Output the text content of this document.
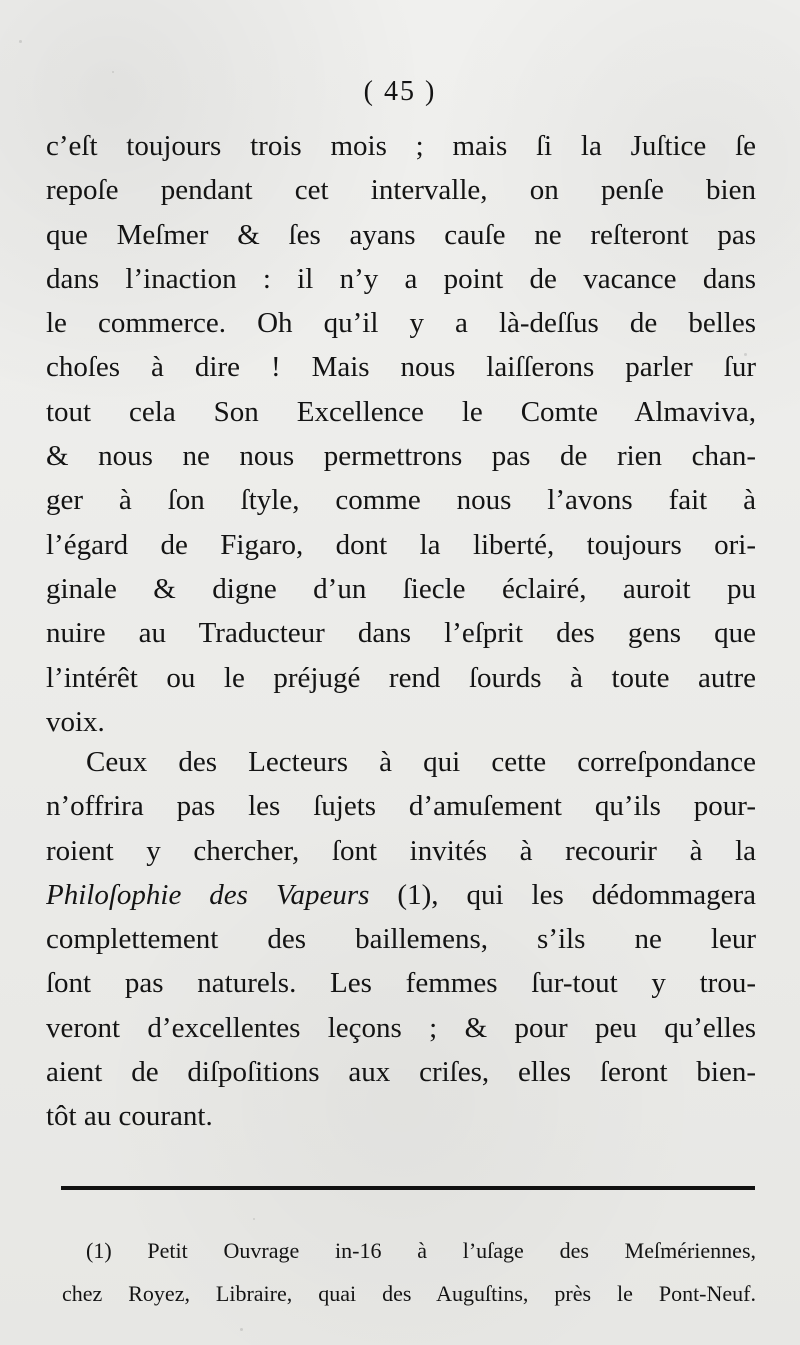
( 45 )
c’eſt toujours trois mois ; mais ſi la Juſtice ſe
repoſe pendant cet intervalle, on penſe bien
que Meſmer & ſes ayans cauſe ne reſteront pas
dans l’inaction : il n’y a point de vacance dans
le commerce. Oh qu’il y a là-deſſus de belles
choſes à dire ! Mais nous laiſſerons parler ſur
tout cela Son Excellence le Comte Almaviva,
& nous ne nous permettrons pas de rien chan-
ger à ſon ſtyle, comme nous l’avons fait à
l’égard de Figaro, dont la liberté, toujours ori-
ginale & digne d’un ſiecle éclairé, auroit pu
nuire au Traducteur dans l’eſprit des gens que
l’intérêt ou le préjugé rend ſourds à toute autre
voix.
Ceux des Lecteurs à qui cette correſpondance
n’offrira pas les ſujets d’amuſement qu’ils pour-
roient y chercher, ſont invités à recourir à la
Philoſophie des Vapeurs (1), qui les dédommagera
complettement des baillemens, s’ils ne leur
ſont pas naturels. Les femmes ſur-tout y trou-
veront d’excellentes leçons ; & pour peu qu’elles
aient de diſpoſitions aux criſes, elles ſeront bien-
tôt au courant.
(1) Petit Ouvrage in-16 à l’uſage des Meſmériennes,
chez Royez, Libraire, quai des Auguſtins, près le Pont-Neuf.
